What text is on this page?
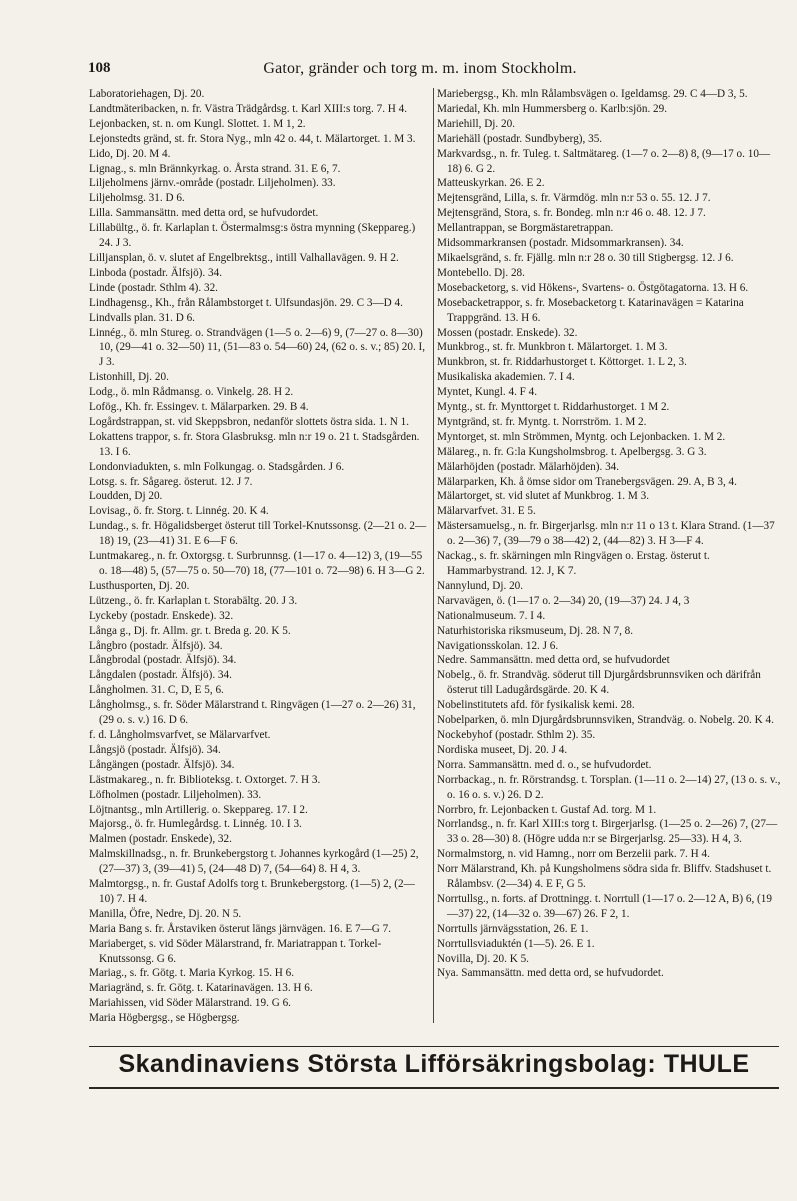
108	Gator, gränder och torg m. m. inom Stockholm.

Laboratoriehagen, Dj. 20.

Landtmäteribacken, n. fr. Västra Trädgårdsg. t. Karl XIII:s torg. 7. H 4.

Lejonbacken, st. n. om Kungl. Slottet. 1. M 1, 2.

Lejonstedts gränd, st. fr. Stora Nyg., mln 42 o. 44, t. Mälartorget. 1. M 3.

Lido, Dj. 20. M 4.

Lignag., s. mln Brännkyrkag. o. Årsta strand. 31. E 6, 7.

Liljeholmens järnv.-område (postadr. Liljeholmen). 33.

Liljeholmsg. 31. D 6.

Lilla. Sammansättn. med detta ord, se hufvudordet.

Lillabültg., ö. fr. Karlaplan t. Östermalmsg:s östra mynning (Skeppareg.) 24. J 3.

Lilljansplan, ö. v. slutet af Engelbrektsg., intill Valhallavägen. 9. H 2.

Linboda (postadr. Älfsjö). 34.

Linde (postadr. Sthlm 4). 32.

Lindhagensg., Kh., från Rålambstorget t. Ulfsundasjön. 29. C 3—D 4.

Lindvalls plan. 31. D 6.

Linnég., ö. mln Stureg. o. Strandvägen (1—5 o. 2—6) 9, (7—27 o. 8—30) 10, (29—41 o. 32—50) 11, (51—83 o. 54—60) 24, (62 o. s. v.; 85) 20. I, J 3.

Listonhill, Dj. 20.

Lodg., ö. mln Rådmansg. o. Vinkelg. 28. H 2.

Lofög., Kh. fr. Essingev. t. Mälarparken. 29. B 4.

Logårdstrappan, st. vid Skeppsbron, nedanför slottets östra sida. 1. N 1.

Lokattens trappor, s. fr. Stora Glasbruksg. mln n:r 19 o. 21 t. Stadsgården. 13. I 6.

Londonviadukten, s. mln Folkungag. o. Stadsgården. J 6.

Lotsg. s. fr. Sågareg. österut. 12. J 7.

Loudden, Dj 20.

Lovisag., ö. fr. Storg. t. Linnég. 20. K 4.

Lundag., s. fr. Högalidsberget österut till Torkel-Knutssonsg. (2—21 o. 2—18) 19, (23—41) 31. E 6—F 6.

Luntmakareg., n. fr. Oxtorgsg. t. Surbrunnsg. (1—17 o. 4—12) 3, (19—55 o. 18—48) 5, (57—75 o. 50—70) 18, (77—101 o. 72—98) 6. H 3—G 2.

Lusthusporten, Dj. 20.

Lützeng., ö. fr. Karlaplan t. Storabältg. 20. J 3.

Lyckeby (postadr. Enskede). 32.

Långa g., Dj. fr. Allm. gr. t. Breda g. 20. K 5.

Långbro (postadr. Älfsjö). 34.

Långbrodal (postadr. Älfsjö). 34.

Långdalen (postadr. Älfsjö). 34.

Långholmen. 31. C, D, E 5, 6.

Långholmsg., s. fr. Söder Mälarstrand t. Ringvägen (1—27 o. 2—26) 31, (29 o. s. v.) 16. D 6.

f. d. Långholmsvarfvet, se Mälarvarfvet.

Långsjö (postadr. Älfsjö). 34.

Långängen (postadr. Älfsjö). 34.

Lästmakareg., n. fr. Biblioteksg. t. Oxtorget. 7. H 3.

Löfholmen (postadr. Liljeholmen). 33.

Löjtnantsg., mln Artillerig. o. Skeppareg. 17. I 2.

Majorsg., ö. fr. Humlegårdsg. t. Linnég. 10. I 3.

Malmen (postadr. Enskede), 32.

Malmskillnadsg., n. fr. Brunkebergstorg t. Johannes kyrkogård (1—25) 2, (27—37) 3, (39—41) 5, (24—48 D) 7, (54—64) 8. H 4, 3.

Malmtorgsg., n. fr. Gustaf Adolfs torg t. Brunkebergstorg. (1—5) 2, (2—10) 7. H 4.

Manilla, Öfre, Nedre, Dj. 20. N 5.

Maria Bang s. fr. Årstaviken österut längs järnvägen. 16. E 7—G 7.

Mariaberget, s. vid Söder Mälarstrand, fr. Mariatrappan t. Torkel-Knutssonsg. G 6.

Mariag., s. fr. Götg. t. Maria Kyrkog. 15. H 6.

Mariagränd, s. fr. Götg. t. Katarinavägen. 13. H 6.

Mariahissen, vid Söder Mälarstrand. 19. G 6.

Maria Högbergsg., se Högbergsg.

Mariebergsg., Kh. mln Rålambsvägen o. Igeldamsg. 29. C 4—D 3, 5.

Mariedal, Kh. mln Hummersberg o. Karlb:sjön. 29.

Mariehill, Dj. 20.

Mariehäll (postadr. Sundbyberg), 35.

Markvardsg., n. fr. Tuleg. t. Saltmätareg. (1—7 o. 2—8) 8, (9—17 o. 10—18) 6. G 2.

Matteuskyrkan. 26. E 2.

Mejtensgränd, Lilla, s. fr. Värmdög. mln n:r 53 o. 55. 12. J 7.

Mejtensgränd, Stora, s. fr. Bondeg. mln n:r 46 o. 48. 12. J 7.

Mellantrappan, se Borgmästaretrappan.

Midsommarkransen (postadr. Midsommarkransen). 34.

Mikaelsgränd, s. fr. Fjällg. mln n:r 28 o. 30 till Stigbergsg. 12. J 6.

Montebello. Dj. 28.

Mosebacketorg, s. vid Hökens-, Svartens- o. Östgötagatorna. 13. H 6.

Mosebacketrappor, s. fr. Mosebacketorg t. Katarinavägen = Katarina Trappgränd. 13. H 6.

Mossen (postadr. Enskede). 32.

Munkbrog., st. fr. Munkbron t. Mälartorget. 1. M 3.

Munkbron, st. fr. Riddarhustorget t. Köttorget. 1. L 2, 3.

Musikaliska akademien. 7. I 4.

Myntet, Kungl. 4. F 4.

Myntg., st. fr. Mynttorget t. Riddarhustorget. 1 M 2.

Myntgränd, st. fr. Myntg. t. Norrström. 1. M 2.

Myntorget, st. mln Strömmen, Myntg. och Lejonbacken. 1. M 2.

Mälareg., n. fr. G:la Kungsholmsbrog. t. Apelbergsg. 3. G 3.

Mälarhöjden (postadr. Mälarhöjden). 34.

Mälarparken, Kh. å ömse sidor om Tranebergsvägen. 29. A, B 3, 4.

Mälartorget, st. vid slutet af Munkbrog. 1. M 3.

Mälarvarfvet. 31. E 5.

Mästersamuelsg., n. fr. Birgerjarlsg. mln n:r 11 o 13 t. Klara Strand. (1—37 o. 2—36) 7, (39—79 o 38—42) 2, (44—82) 3. H 3—F 4.

Nackag., s. fr. skärningen mln Ringvägen o. Erstag. österut t. Hammarbystrand. 12. J, K 7.

Nannylund, Dj. 20.

Narvavägen, ö. (1—17 o. 2—34) 20, (19—37) 24. J 4, 3

Nationalmuseum. 7. I 4.

Naturhistoriska riksmuseum, Dj. 28. N 7, 8.

Navigationsskolan. 12. J 6.

Nedre. Sammansättn. med detta ord, se hufvudordet

Nobelg., ö. fr. Strandväg. söderut till Djurgårdsbrunnsviken och därifrån österut till Ladugårdsgärde. 20. K 4.

Nobelinstitutets afd. för fysikalisk kemi. 28.

Nobelparken, ö. mln Djurgårdsbrunnsviken, Strandväg. o. Nobelg. 20. K 4.

Nockebyhof (postadr. Sthlm 2). 35.

Nordiska museet, Dj. 20. J 4.

Norra. Sammansättn. med d. o., se hufvudordet.

Norrbackag., n. fr. Rörstrandsg. t. Torsplan. (1—11 o. 2—14) 27, (13 o. s. v., o. 16 o. s. v.) 26. D 2.

Norrbro, fr. Lejonbacken t. Gustaf Ad. torg. M 1.

Norrlandsg., n. fr. Karl XIII:s torg t. Birgerjarlsg. (1—25 o. 2—26) 7, (27—33 o. 28—30) 8. (Högre udda n:r se Birgerjarlsg. 25—33). H 4, 3.

Normalmstorg, n. vid Hamng., norr om Berzelii park. 7. H 4.

Norr Mälarstrand, Kh. på Kungsholmens södra sida fr. Bliffv. Stadshuset t. Rålambsv. (2—34) 4. E F, G 5.

Norrtullsg., n. forts. af Drottningg. t. Norrtull (1—17 o. 2—12 A, B) 6, (19—37) 22, (14—32 o. 39—67) 26. F 2, 1.

Norrtulls järnvägsstation, 26. E 1.

Norrtullsviaduktén (1—5). 26. E 1.

Novilla, Dj. 20. K 5.

Nya. Sammansättn. med detta ord, se hufvudordet.

Skandinaviens Största Lifförsäkringsbolag: THULE
